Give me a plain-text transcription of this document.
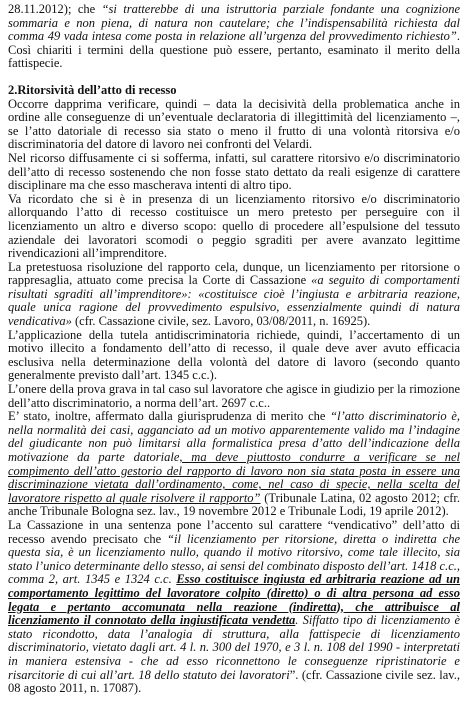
28.11.2012); che “si tratterebbe di una istruttoria parziale fondante una cognizione sommaria e non piena, di natura non cautelare; che l’indispensabilità richiesta dal comma 49 vada intesa come posta in relazione all’urgenza del provvedimento richiesto”. Così chiariti i termini della questione può essere, pertanto, esaminato il merito della fattispecie.

2.Ritorsività dell’atto di recesso

Occorre dapprima verificare, quindi – data la decisività della problematica anche in ordine alle conseguenze di un’eventuale declaratoria di illegittimità del licenziamento –, se l’atto datoriale di recesso sia stato o meno il frutto di una volontà ritorsiva e/o discriminatoria del datore di lavoro nei confronti del Velardi.

Nel ricorso diffusamente ci si sofferma, infatti, sul carattere ritorsivo e/o discriminatorio dell’atto di recesso sostenendo che non fosse stato dettato da reali esigenze di carattere disciplinare ma che esso mascherava intenti di altro tipo.

Va ricordato che si è in presenza di un licenziamento ritorsivo e/o discriminatorio allorquando l’atto di recesso costituisce un mero pretesto per perseguire con il licenziamento un altro e diverso scopo: quello di procedere all’espulsione del tessuto aziendale dei lavoratori scomodi o peggio sgraditi per avere avanzato legittime rivendicazioni all’imprenditore.

La pretestuosa risoluzione del rapporto cela, dunque, un licenziamento per ritorsione o rappresaglia, attuato come precisa la Corte di Cassazione «a seguito di comportamenti risultati sgraditi all’imprenditore»: «costituisce cioè l’ingiusta e arbitraria reazione, quale unica ragione del provvedimento espulsivo, essenzialmente quindi di natura vendicativa» (cfr. Cassazione civile, sez. Lavoro, 03/08/2011, n. 16925).

L’applicazione della tutela antidiscriminatoria richiede, quindi, l’accertamento di un motivo illecito a fondamento dell’atto di recesso, il quale deve aver avuto efficacia esclusiva nella determinazione della volontà del datore di lavoro (secondo quanto generalmente previsto dall’art. 1345 c.c.).

L’onere della prova grava in tal caso sul lavoratore che agisce in giudizio per la rimozione dell’atto discriminatorio, a norma dell’art. 2697 c.c..

E’ stato, inoltre, affermato dalla giurisprudenza di merito che “l’atto discriminatorio è, nella normalità dei casi, agganciato ad un motivo apparentemente valido ma l’indagine del giudicante non può limitarsi alla formalistica presa d’atto dell’indicazione della motivazione da parte datoriale, ma deve piuttosto condurre a verificare se nel compimento dell’atto gestorio del rapporto di lavoro non sia stata posta in essere una discriminazione vietata dall’ordinamento, come, nel caso di specie, nella scelta del lavoratore rispetto al quale risolvere il rapporto” (Tribunale Latina, 02 agosto 2012; cfr. anche Tribunale Bologna sez. lav., 19 novembre 2012 e Tribunale Lodi, 19 aprile 2012).

La Cassazione in una sentenza pone l’accento sul carattere “vendicativo” dell’atto di recesso avendo precisato che “il licenziamento per ritorsione, diretta o indiretta che questa sia, è un licenziamento nullo, quando il motivo ritorsivo, come tale illecito, sia stato l’unico determinante dello stesso, ai sensi del combinato disposto dell’art. 1418 c.c., comma 2, art. 1345 e 1324 c.c. Esso costituisce ingiusta ed arbitraria reazione ad un comportamento legittimo del lavoratore colpito (diretto) o di altra persona ad esso legata e pertanto accomunata nella reazione (indiretta), che attribuisce al licenziamento il connotato della ingiustificata vendetta. Siffatto tipo di licenziamento è stato ricondotto, data l’analogia di struttura, alla fattispecie di licenziamento discriminatorio, vietato dagli art. 4 l. n. 300 del 1970, e 3 l. n. 108 del 1990 - interpretati in maniera estensiva - che ad esso riconnettono le conseguenze ripristinatorie e risarcitorie di cui all’art. 18 dello statuto dei lavoratori”. (cfr. Cassazione civile sez. lav., 08 agosto 2011, n. 17087).
